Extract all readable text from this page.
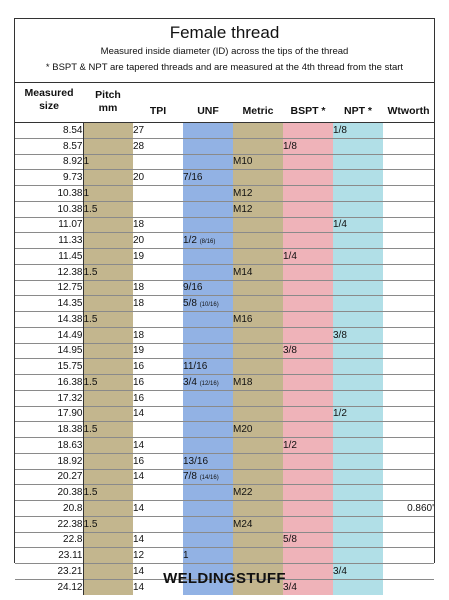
Female thread
Measured inside diameter (ID) across the tips of the thread
* BSPT & NPT are tapered threads and are measured at the 4th thread from the start
Measured
size
Pitch
mm	TPI	UNF	Metric	BSPT *	NPT *	Wtworth
8.54		27				1/8	
8.57		28			1/8		
8.92	1			M10			
9.73		20	7/16				
10.38	1			M12			
10.38	1.5			M12			
11.07		18				1/4	
11.33		20	1/2 (8/16)				
11.45		19			1/4		
12.38	1.5			M14			
12.75		18	9/16				
14.35		18	5/8 (10/16)				
14.38	1.5			M16			
14.49		18				3/8	
14.95		19			3/8		
15.75		16	11/16				
16.38	1.5	16	3/4 (12/16)	M18			
17.32		16					
17.90		14				1/2	
18.38	1.5			M20			
18.63		14			1/2		
18.92		16	13/16				
20.27		14	7/8 (14/16)				
20.38	1.5			M22			
20.8		14					0.860'
22.38	1.5			M24			
22.8		14			5/8		
23.11		12	1				
23.21		14				3/4	
24.12		14			3/4		
WELDINGSTUFF
